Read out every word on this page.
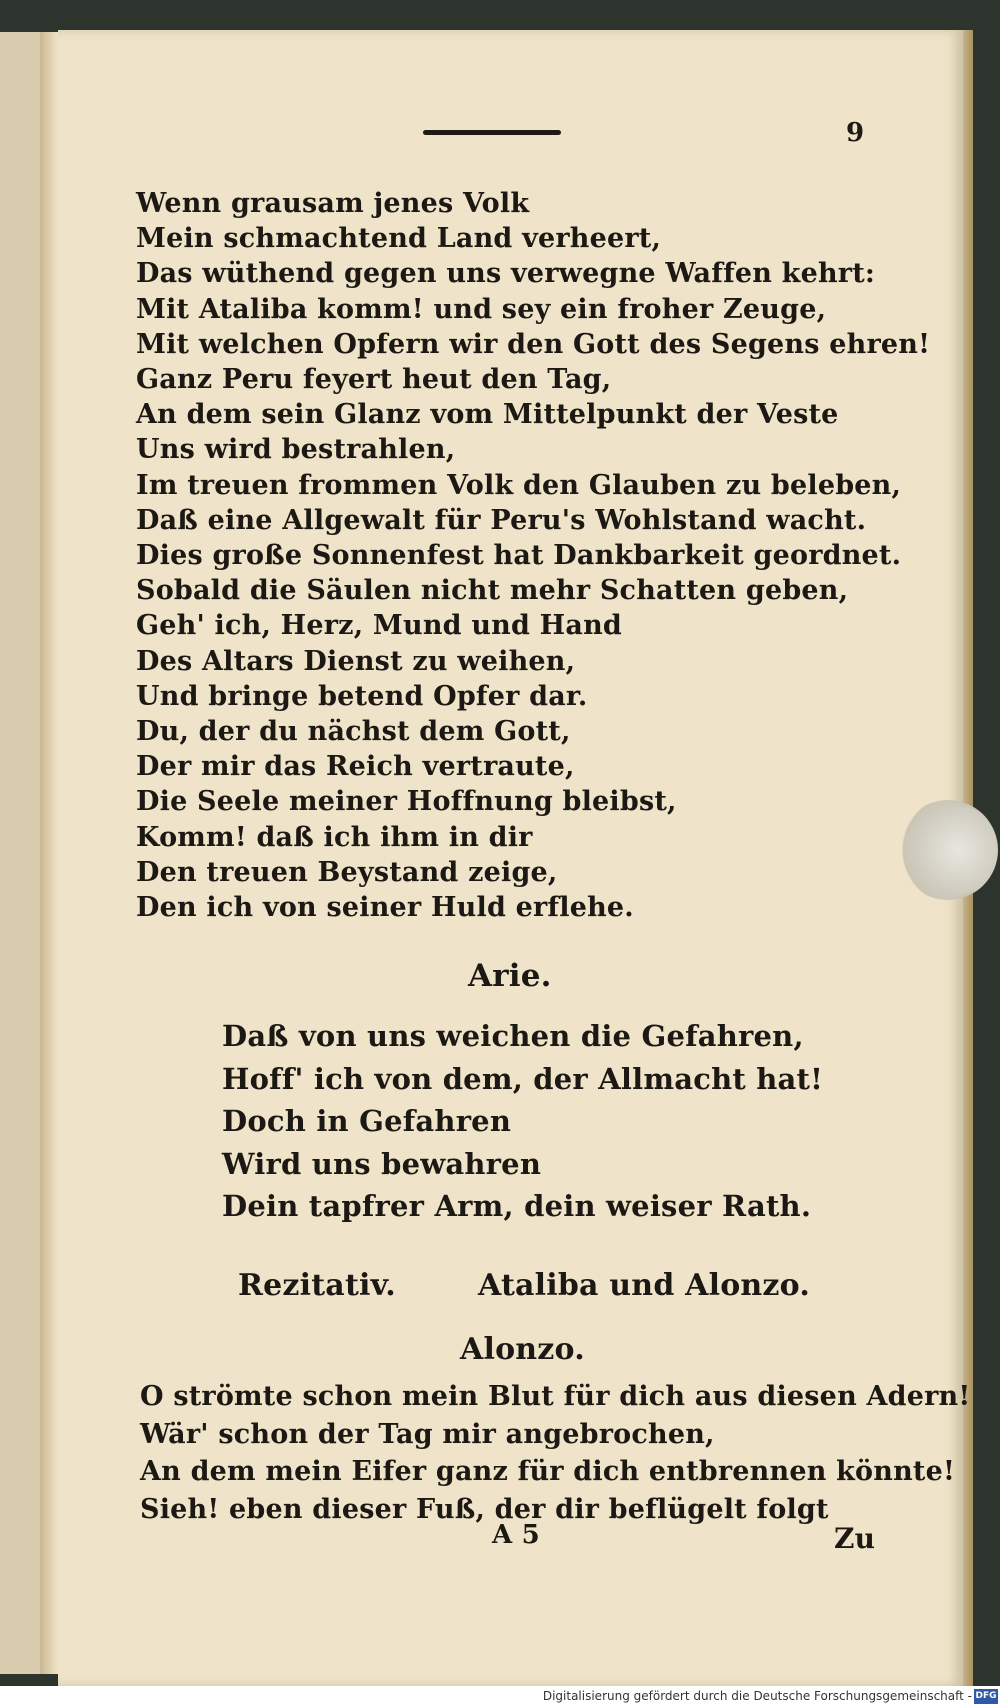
9
Wenn grausam jenes Volk
Mein schmachtend Land verheert,
Das wüthend gegen uns verwegne Waffen kehrt:
Mit Ataliba komm! und sey ein froher Zeuge,
Mit welchen Opfern wir den Gott des Segens ehren!
Ganz Peru feyert heut den Tag,
An dem sein Glanz vom Mittelpunkt der Veste
Uns wird bestrahlen,
Im treuen frommen Volk den Glauben zu beleben,
Daß eine Allgewalt für Peru's Wohlstand wacht.
Dies große Sonnenfest hat Dankbarkeit geordnet.
Sobald die Säulen nicht mehr Schatten geben,
Geh' ich, Herz, Mund und Hand
Des Altars Dienst zu weihen,
Und bringe betend Opfer dar.
Du, der du nächst dem Gott,
Der mir das Reich vertraute,
Die Seele meiner Hoffnung bleibst,
Komm! daß ich ihm in dir
Den treuen Beystand zeige,
Den ich von seiner Huld erflehe.
Arie.
Daß von uns weichen die Gefahren,
Hoff' ich von dem, der Allmacht hat!
Doch in Gefahren
Wird uns bewahren
Dein tapfrer Arm, dein weiser Rath.
Rezitativ.	Ataliba und Alonzo.
Alonzo.
O strömte schon mein Blut für dich aus diesen Adern!
Wär' schon der Tag mir angebrochen,
An dem mein Eifer ganz für dich entbrennen könnte!
Sieh! eben dieser Fuß, der dir beflügelt folgt
A 5	Zu
Digitalisierung gefördert durch die Deutsche Forschungsgemeinschaft - DFG
